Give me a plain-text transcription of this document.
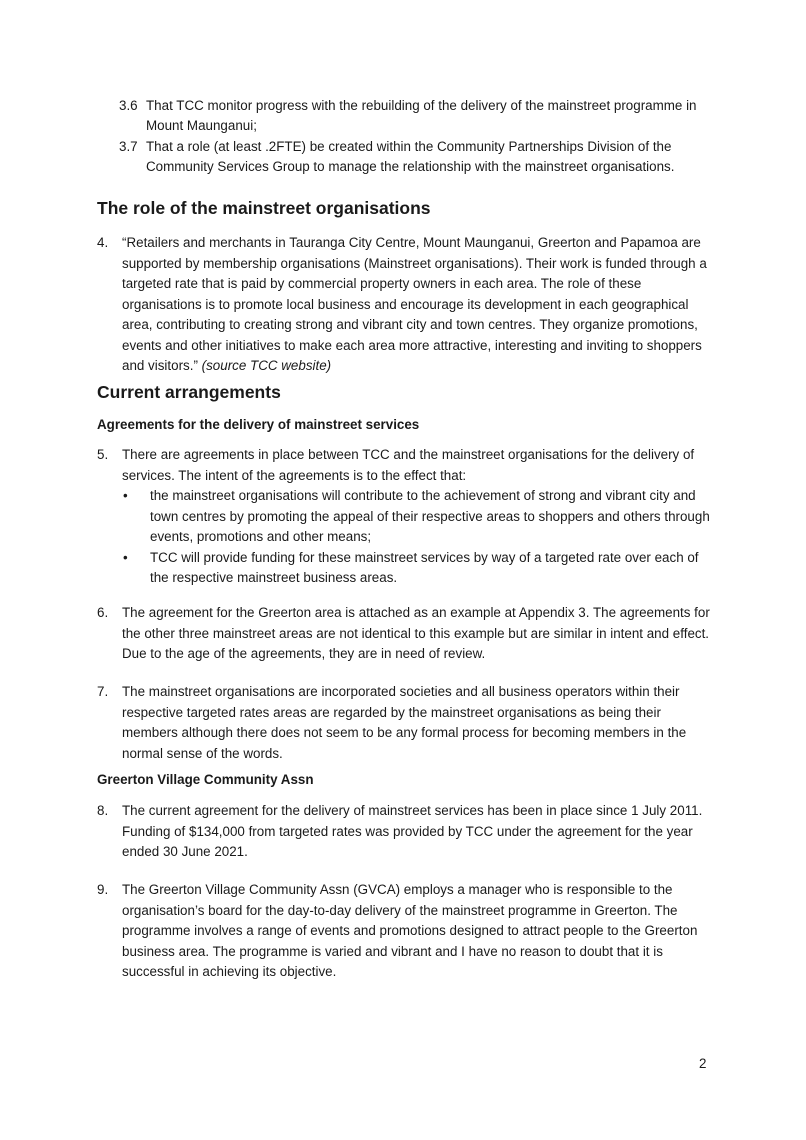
3.6 That TCC monitor progress with the rebuilding of the delivery of the mainstreet programme in Mount Maunganui;
3.7 That a role (at least .2FTE) be created within the Community Partnerships Division of the Community Services Group to manage the relationship with the mainstreet organisations.
The role of the mainstreet organisations
4.	“Retailers and merchants in Tauranga City Centre, Mount Maunganui, Greerton and Papamoa are supported by membership organisations (Mainstreet organisations). Their work is funded through a targeted rate that is paid by commercial property owners in each area. The role of these organisations is to promote local business and encourage its development in each geographical area, contributing to creating strong and vibrant city and town centres. They organize promotions, events and other initiatives to make each area more attractive, interesting and inviting to shoppers and visitors.” (source TCC website)
Current arrangements
Agreements for the delivery of mainstreet services
5.	There are agreements in place between TCC and the mainstreet organisations for the delivery of services. The intent of the agreements is to the effect that:
• the mainstreet organisations will contribute to the achievement of strong and vibrant city and town centres by promoting the appeal of their respective areas to shoppers and others through events, promotions and other means;
• TCC will provide funding for these mainstreet services by way of a targeted rate over each of the respective mainstreet business areas.
6.	The agreement for the Greerton area is attached as an example at Appendix 3. The agreements for the other three mainstreet areas are not identical to this example but are similar in intent and effect. Due to the age of the agreements, they are in need of review.
7.	The mainstreet organisations are incorporated societies and all business operators within their respective targeted rates areas are regarded by the mainstreet organisations as being their members although there does not seem to be any formal process for becoming members in the normal sense of the words.
Greerton Village Community Assn
8.	The current agreement for the delivery of mainstreet services has been in place since 1 July 2011. Funding of $134,000 from targeted rates was provided by TCC under the agreement for the year ended 30 June 2021.
9.	The Greerton Village Community Assn (GVCA) employs a manager who is responsible to the organisation’s board for the day-to-day delivery of the mainstreet programme in Greerton. The programme involves a range of events and promotions designed to attract people to the Greerton business area. The programme is varied and vibrant and I have no reason to doubt that it is successful in achieving its objective.
2
